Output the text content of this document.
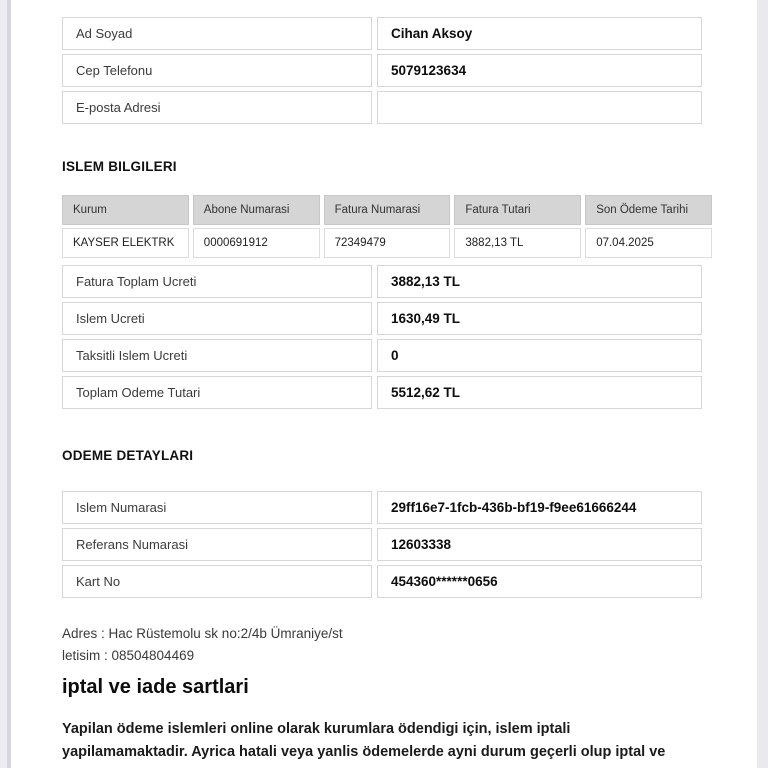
Ad Soyad	Cihan Aksoy
Cep Telefonu	5079123634
E-posta Adresi
ISLEM BILGILERI
Kurum	Abone Numarasi	Fatura Numarasi	Fatura Tutari	Son Ödeme Tarihi
KAYSER ELEKTRK	0000691912	72349479	3882,13 TL	07.04.2025
Fatura Toplam Ucreti	3882,13 TL
Islem Ucreti	1630,49 TL
Taksitli Islem Ucreti	0
Toplam Odeme Tutari	5512,62 TL
ODEME DETAYLARI
Islem Numarasi	29ff16e7-1fcb-436b-bf19-f9ee61666244
Referans Numarasi	12603338
Kart No	454360******0656
Adres : Hac Rüstemolu sk no:2/4b Ümraniye/st
letisim : 08504804469
iptal ve iade sartlari
Yapilan ödeme islemleri online olarak kurumlara ödendigi için, islem iptali
yapilamamaktadir. Ayrica hatali veya yanlis ödemelerde ayni durum geçerli olup iptal ve
